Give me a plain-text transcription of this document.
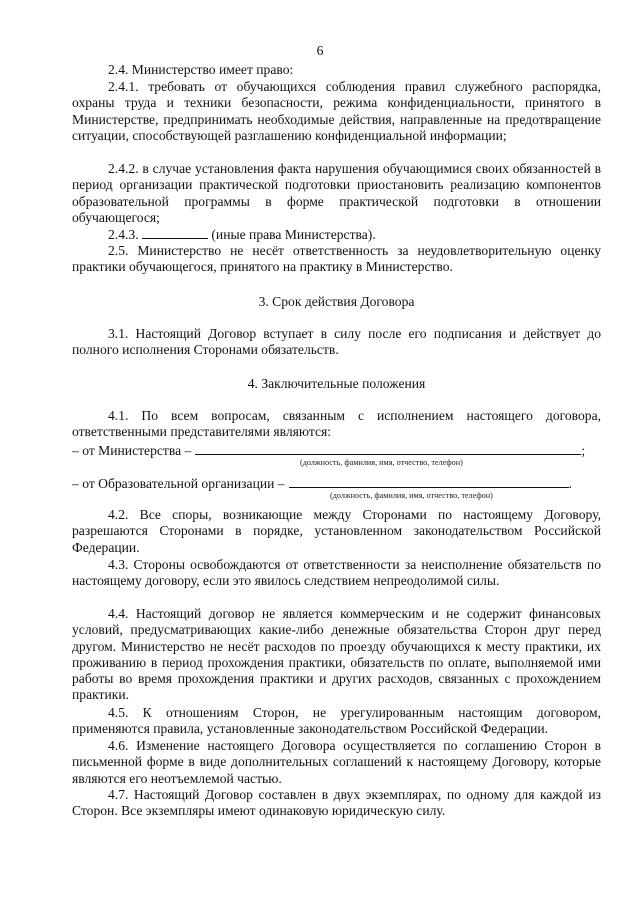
6

2.4. Министерство имеет право:

2.4.1. требовать от обучающихся соблюдения правил служебного распорядка, охраны труда и техники безопасности, режима конфиденциальности, принятого в Министерстве, предпринимать необходимые действия, направленные на предотвращение ситуации, способствующей разглашению конфиденциальной информации;

2.4.2. в случае установления факта нарушения обучающимися своих обязанностей в период организации практической подготовки приостановить реализацию компонентов образовательной программы в форме практической подготовки в отношении обучающегося;

2.4.3.	(иные права Министерства).

2.5. Министерство не несёт ответственность за неудовлетворительную оценку практики обучающегося, принятого на практику в Министерство.

3. Срок действия Договора

3.1. Настоящий Договор вступает в силу после его подписания и действует до полного исполнения Сторонами обязательств.

4. Заключительные положения

4.1. По всем вопросам, связанным с исполнением настоящего договора, ответственными представителями являются:

– от Министерства –	;
(должность, фамилия, имя, отчество, телефон)
– от Образовательной организации –	.
(должность, фамилия, имя, отчество, телефон)

4.2. Все споры, возникающие между Сторонами по настоящему Договору, разрешаются Сторонами в порядке, установленном законодательством Российской Федерации.

4.3. Стороны освобождаются от ответственности за неисполнение обязательств по настоящему договору, если это явилось следствием непреодолимой силы.

4.4. Настоящий договор не является коммерческим и не содержит финансовых условий, предусматривающих какие-либо денежные обязательства Сторон друг перед другом. Министерство не несёт расходов по проезду обучающихся к месту практики, их проживанию в период прохождения практики, обязательств по оплате, выполняемой ими работы во время прохождения практики и других расходов, связанных с прохождением практики.

4.5. К отношениям Сторон, не урегулированным настоящим договором, применяются правила, установленные законодательством Российской Федерации.

4.6. Изменение настоящего Договора осуществляется по соглашению Сторон в письменной форме в виде дополнительных соглашений к настоящему Договору, которые являются его неотъемлемой частью.

4.7. Настоящий Договор составлен в двух экземплярах, по одному для каждой из Сторон. Все экземпляры имеют одинаковую юридическую силу.
